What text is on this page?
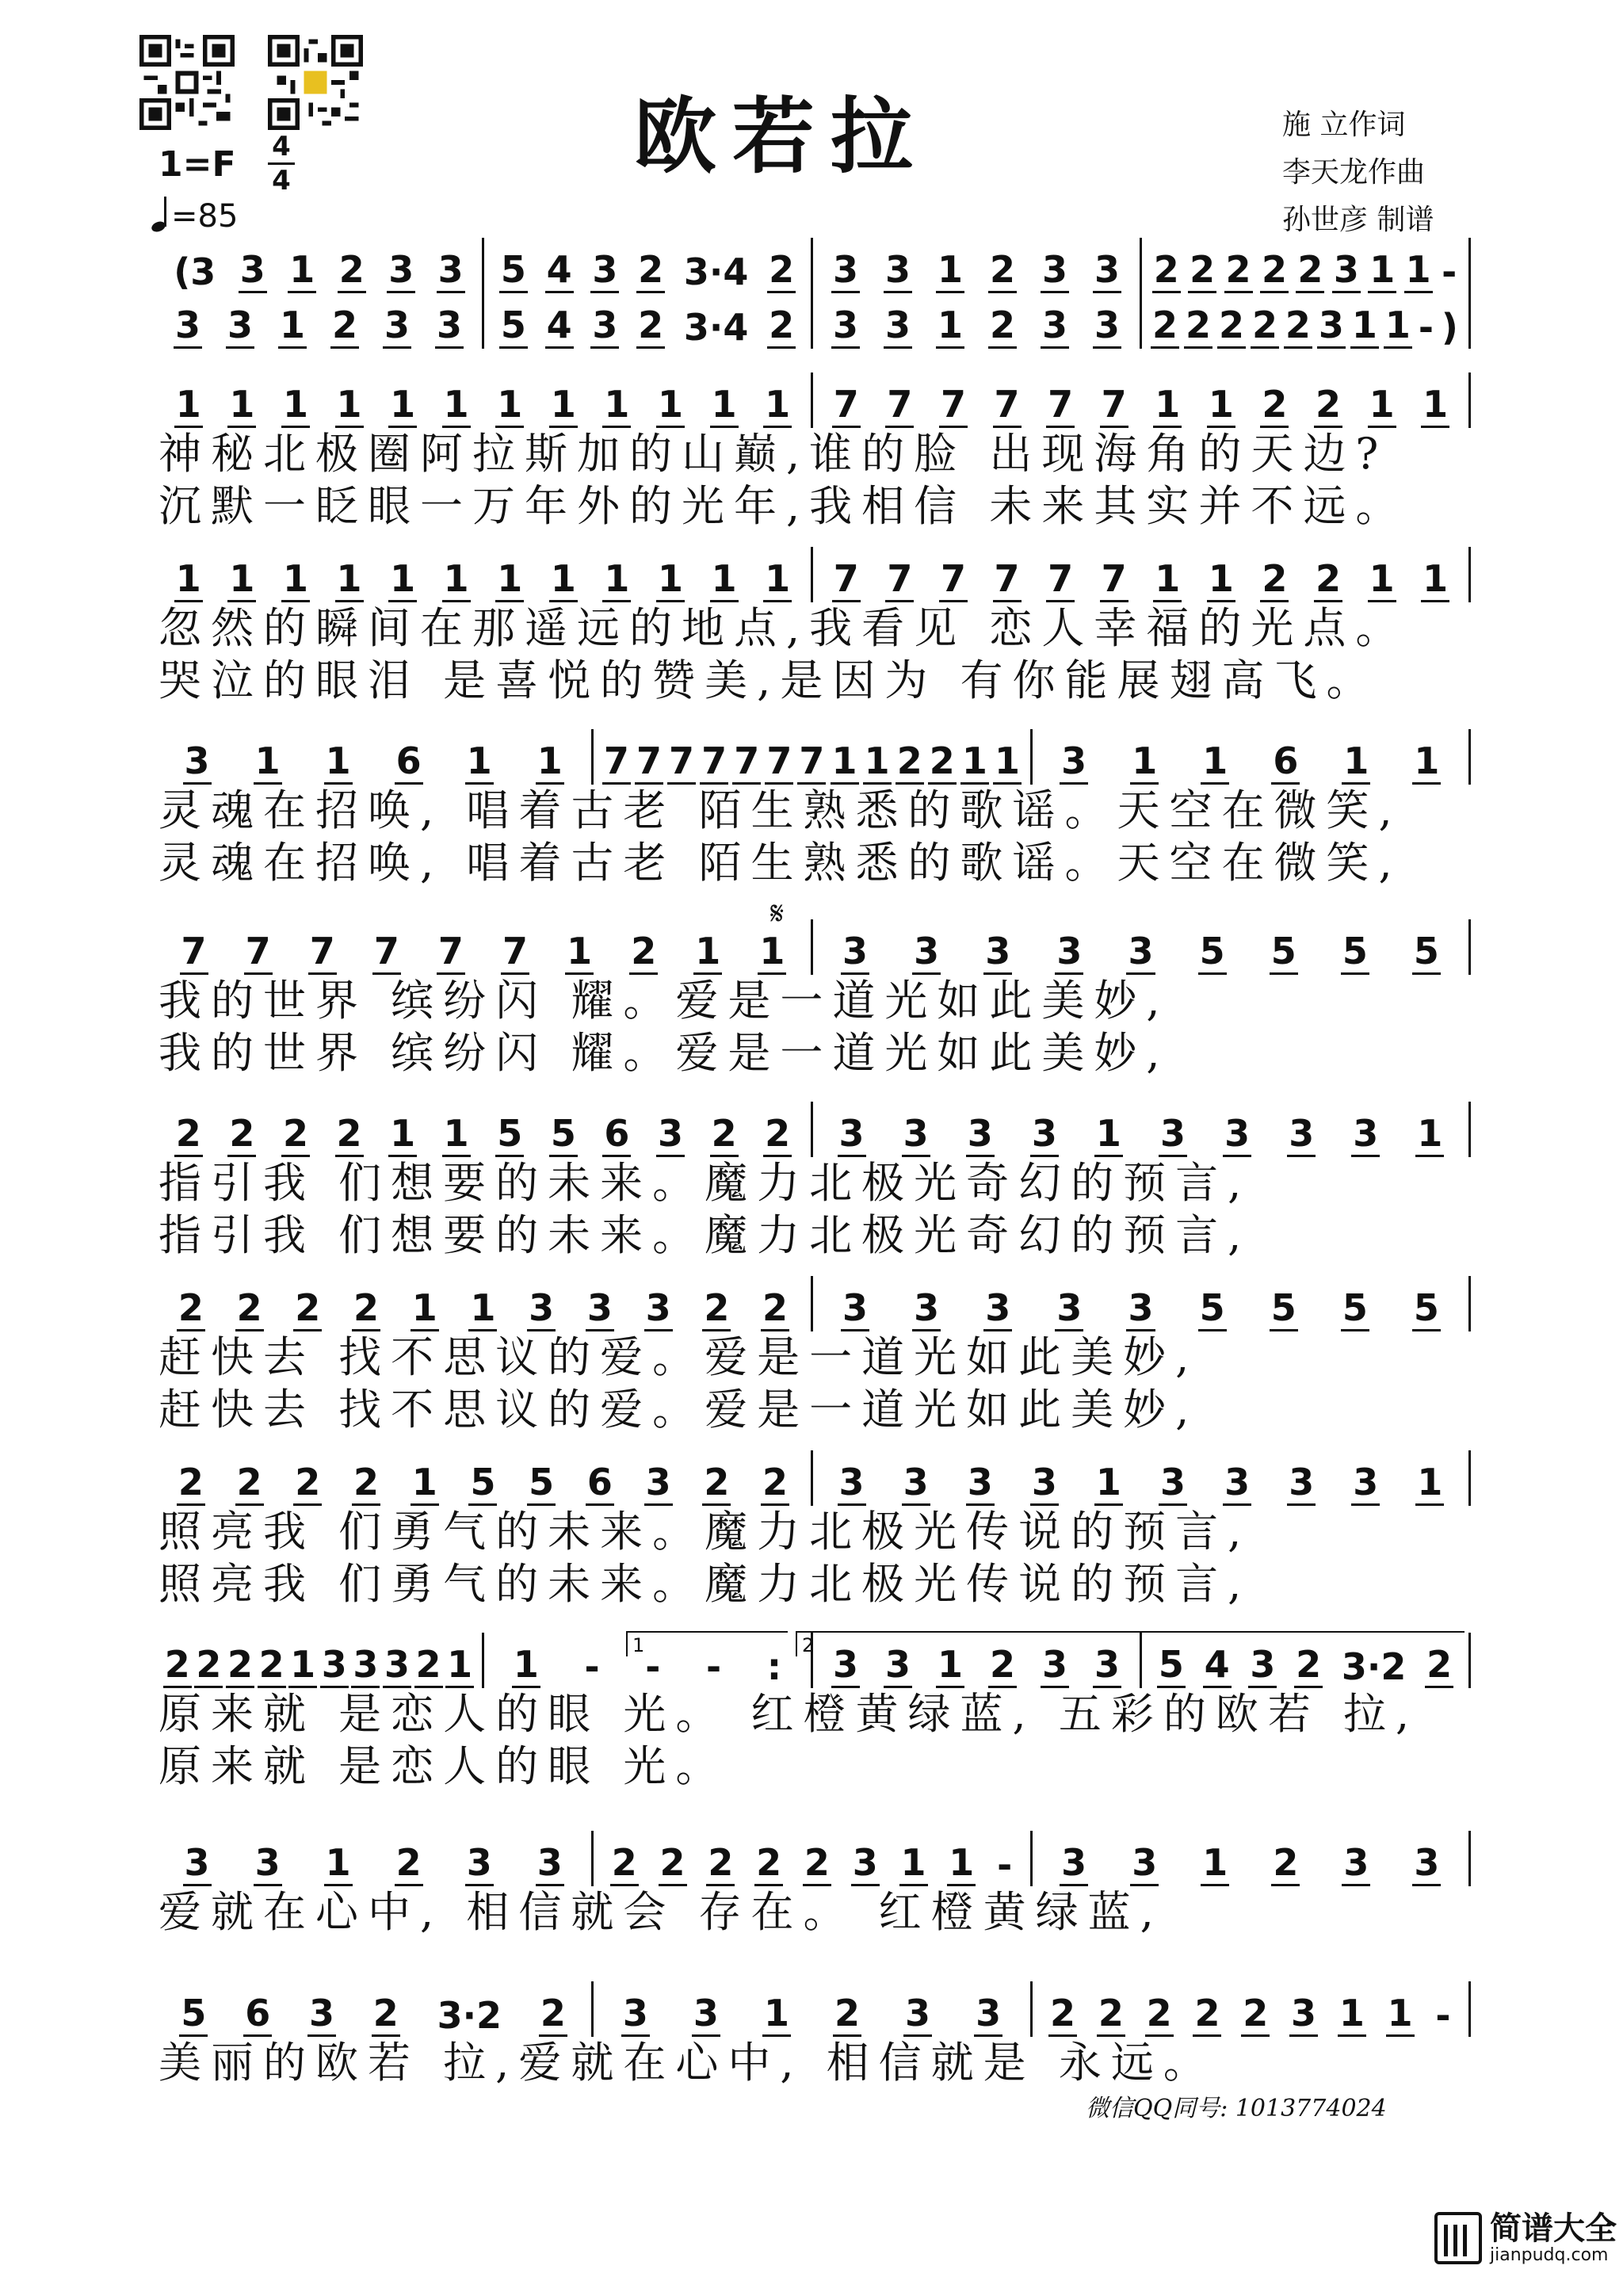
欧若拉	施 立作词
李天龙作曲
孙世彦 制谱
1=F 4
4
=85
(3 3 1 2 3 3 5 4 3 2 3·4 2 3 3 1 2 3 3 2 2 2 2 2 3 1 1 -
3 3 1 2 3 3 5 4 3 2 3·4 2 3 3 1 2 3 3 2 2 2 2 2 3 1 1 - )
1 1 1 1 1 1 1 1 1 1 1 1 7 7 7 7 7 7 1 1 2 2 1 1
神秘北极圈阿拉斯加的山巅,谁的脸 出现海角的天边?
沉默一眨眼一万年外的光年,我相信 未来其实并不远。
1 1 1 1 1 1 1 1 1 1 1 1 7 7 7 7 7 7 1 1 2 2 1 1
忽然的瞬间在那遥远的地点,我看见 恋人幸福的光点。
哭泣的眼泪 是喜悦的赞美,是因为 有你能展翅高飞。
3 1 1 6 1 1 7 7 7 7 7 7 7 1 1 2 2 1 1 3 1 1 6 1 1
灵魂在招唤, 唱着古老 陌生熟悉的歌谣。天空在微笑,
灵魂在招唤, 唱着古老 陌生熟悉的歌谣。天空在微笑,
7 7 7 7 7 7 1 2 1 1 3 3 3 3 3 5 5 5 5
我的世界 缤纷闪 耀。爱是一道光如此美妙,
我的世界 缤纷闪 耀。爱是一道光如此美妙,
2 2 2 2 1 1 5 5 6 3 2 2 3 3 3 3 1 3 3 3 3 1
指引我 们想要的未来。魔力北极光奇幻的预言,
指引我 们想要的未来。魔力北极光奇幻的预言,
2 2 2 2 1 1 3 3 3 2 2 3 3 3 3 3 5 5 5 5
赶快去 找不思议的爱。爱是一道光如此美妙,
赶快去 找不思议的爱。爱是一道光如此美妙,
2 2 2 2 1 5 5 6 3 2 2 3 3 3 3 1 3 3 3 3 1
照亮我 们勇气的未来。魔力北极光传说的预言,
照亮我 们勇气的未来。魔力北极光传说的预言,
2 2 2 2 1 3 3 3 2 1 1 - - - : 3 3 1 2 3 3 5 4 3 2 3·2 2
原来就 是恋人的眼 光。 红橙黄绿蓝, 五彩的欧若 拉,
原来就 是恋人的眼 光。
3 3 1 2 3 3 2 2 2 2 2 3 1 1 - 3 3 1 2 3 3
爱就在心中, 相信就会 存在。 红橙黄绿蓝,
5 6 3 2 3·2 2 3 3 1 2 3 3 2 2 2 2 2 3 1 1 -
美丽的欧若 拉,爱就在心中, 相信就是 永远。
1	2
𝄋
微信QQ同号: 1013774024
简谱大全
jianpudq.com
